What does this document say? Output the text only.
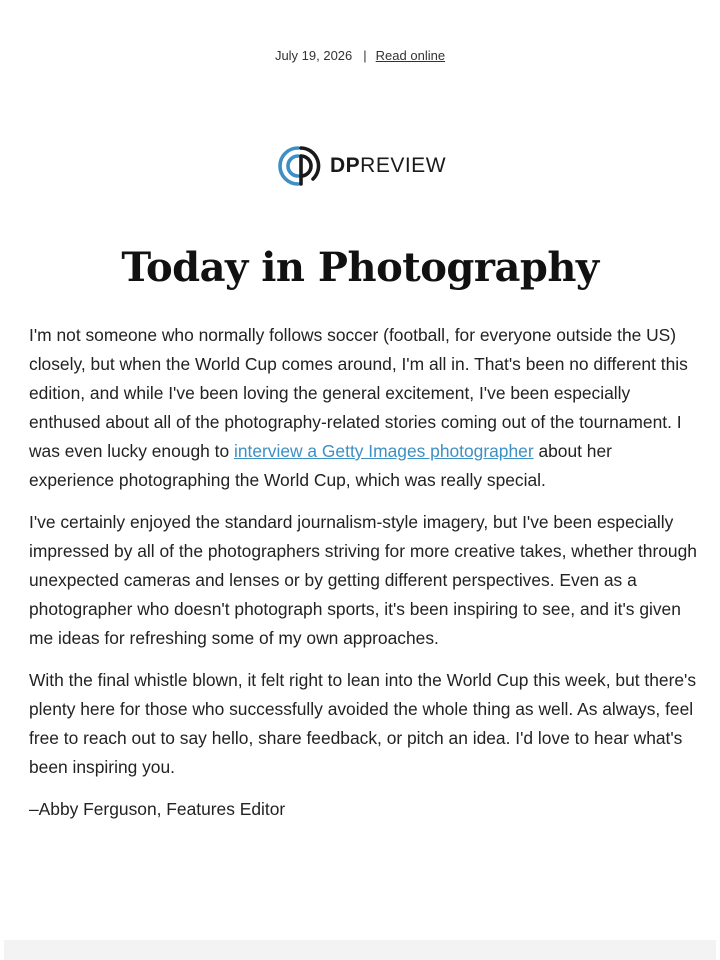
July 19, 2026 | Read online
DPREVIEW
Today in Photography

I'm not someone who normally follows soccer (football, for everyone outside the US) closely, but when the World Cup comes around, I'm all in. That's been no different this edition, and while I've been loving the general excitement, I've been especially enthused about all of the photography-related stories coming out of the tournament. I was even lucky enough to interview a Getty Images photographer about her experience photographing the World Cup, which was really special.

I've certainly enjoyed the standard journalism-style imagery, but I've been especially impressed by all of the photographers striving for more creative takes, whether through unexpected cameras and lenses or by getting different perspectives. Even as a photographer who doesn't photograph sports, it's been inspiring to see, and it's given me ideas for refreshing some of my own approaches.

With the final whistle blown, it felt right to lean into the World Cup this week, but there's plenty here for those who successfully avoided the whole thing as well. As always, feel free to reach out to say hello, share feedback, or pitch an idea. I'd love to hear what's been inspiring you.

–Abby Ferguson, Features Editor
